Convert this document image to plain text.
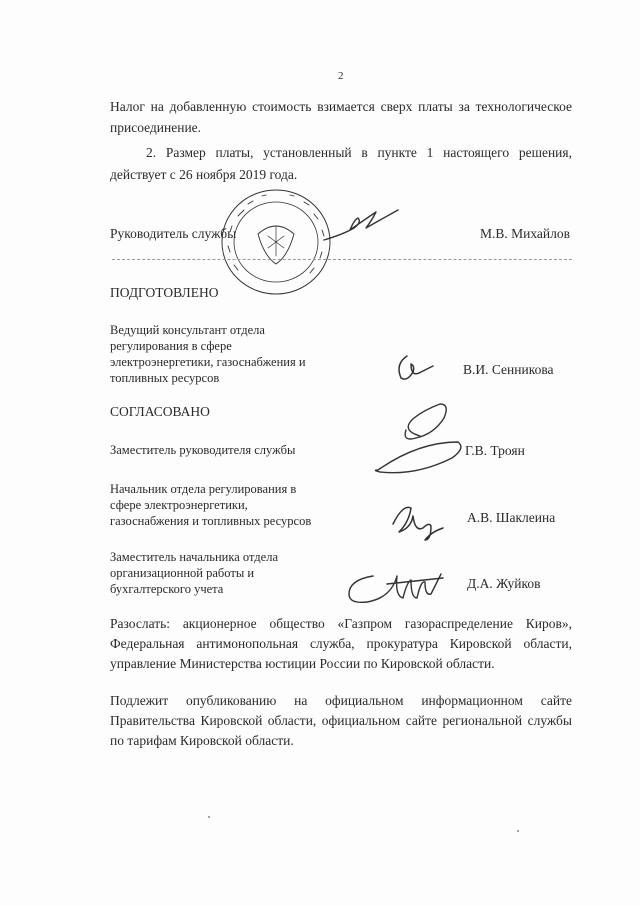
2
Налог на добавленную стоимость взимается сверх платы за технологическое
присоединение.
2. Размер платы, установленный в пункте 1 настоящего решения,
действует с 26 ноября 2019 года.
Руководитель службы	М.В. Михайлов
ПОДГОТОВЛЕНО
Ведущий консультант отдела
регулирования в сфере
электроэнергетики, газоснабжения и
топливных ресурсов
В.И. Сенникова
СОГЛАСОВАНО
Заместитель руководителя службы	Г.В. Троян
Начальник отдела регулирования в
сфере электроэнергетики,
газоснабжения и топливных ресурсов	А.В. Шаклеина
Заместитель начальника отдела
организационной работы и
бухгалтерского учета	Д.А. Жуйков
Разослать: акционерное общество «Газпром газораспределение Киров»,
Федеральная антимонопольная служба, прокуратура Кировской области,
управление Министерства юстиции России по Кировской области.
Подлежит опубликованию на официальном информационном сайте
Правительства Кировской области, официальном сайте региональной службы
по тарифам Кировской области.
